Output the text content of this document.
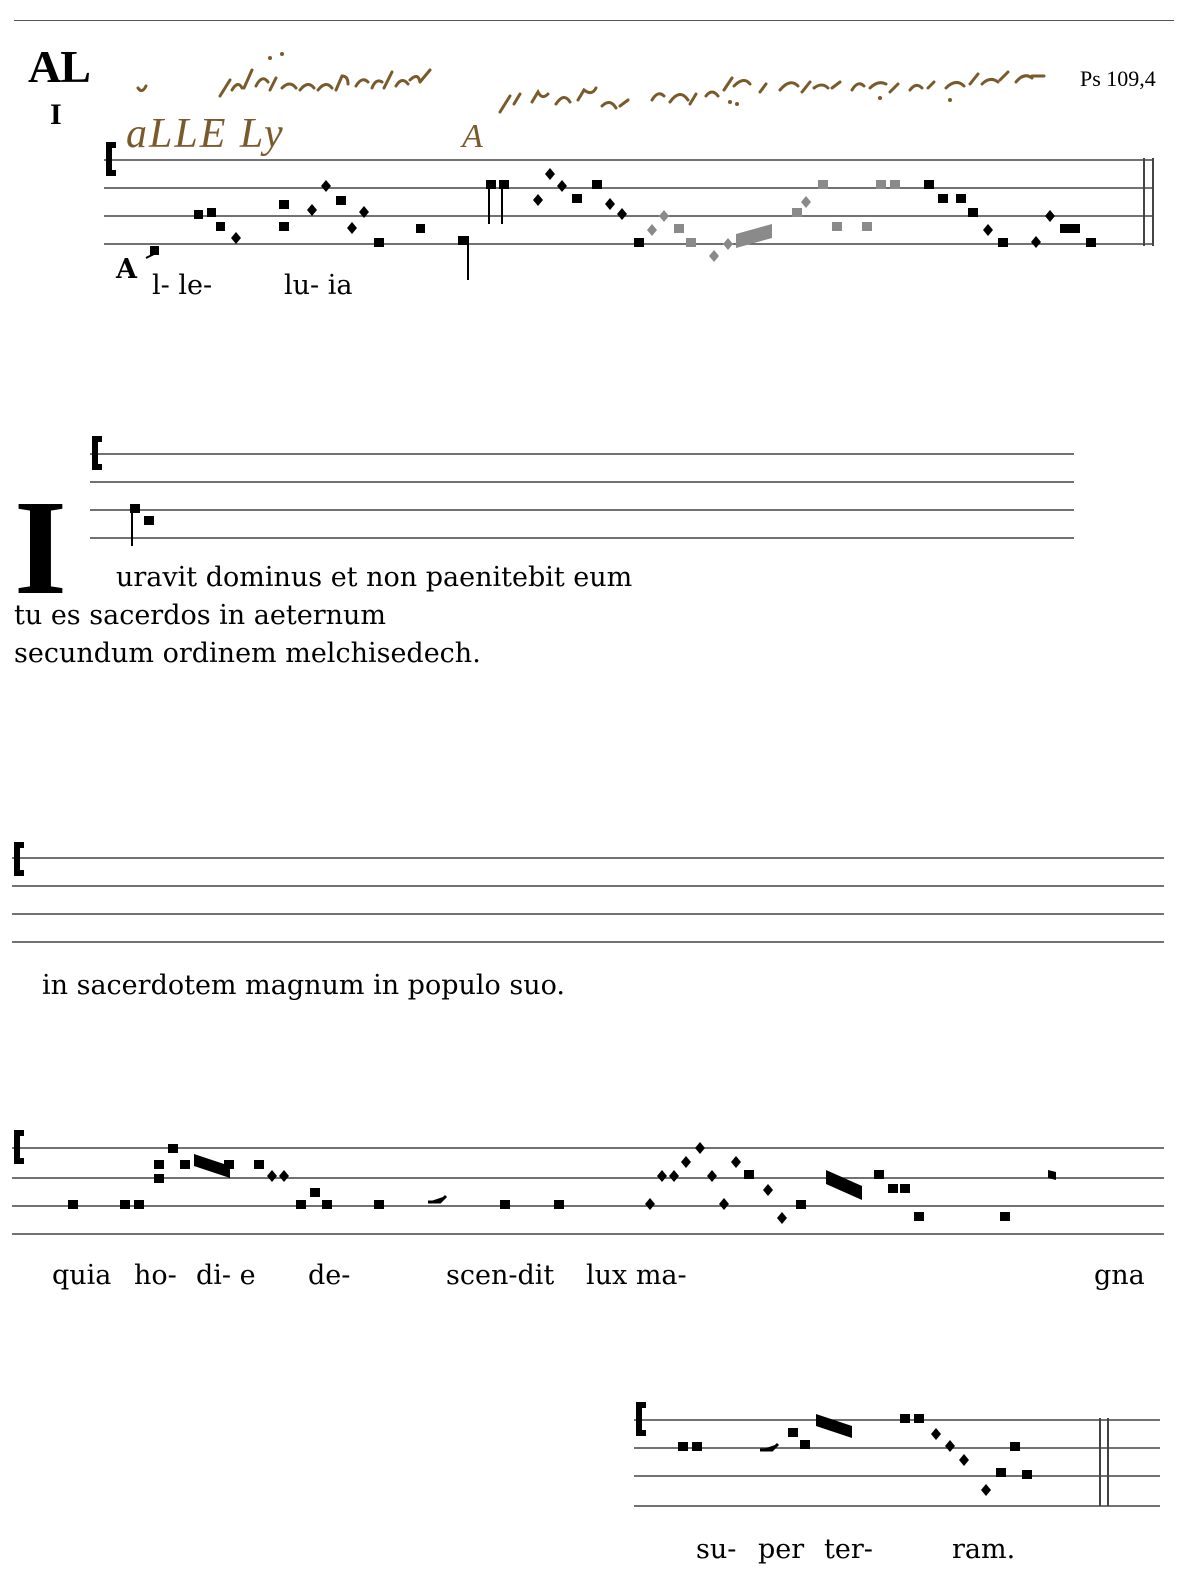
AL
I
Ps 109,4
aLLE Ly	A
A
l- le-	lu- ia
I uravit dominus et non paenitebit eum
tu es sacerdos in aeternum
secundum ordinem melchisedech.
in sacerdotem magnum in populo suo.
quia ho- di- e de-	scen-dit lux ma-	gna
su- per ter-	ram.
